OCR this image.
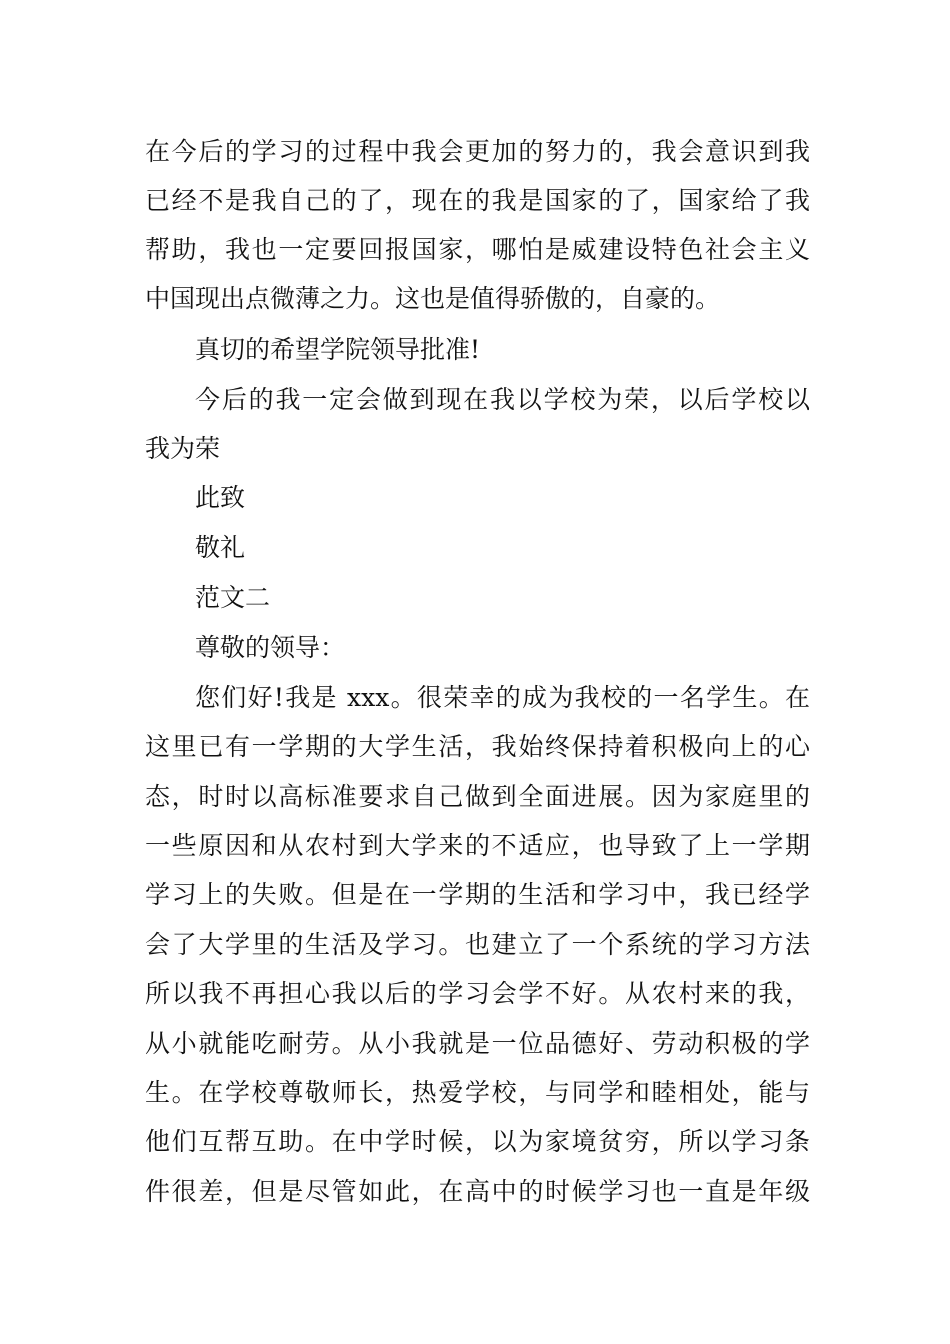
在今后的学习的过程中我会更加的努力的，我会意识到我

已经不是我自己的了，现在的我是国家的了，国家给了我

帮助，我也一定要回报国家，哪怕是威建设特色社会主义

中国现出点微薄之力。这也是值得骄傲的，自豪的。

真切的希望学院领导批准!

今后的我一定会做到现在我以学校为荣，以后学校以

我为荣

此致

敬礼

范文二

尊敬的领导：

您们好!我是 xxx。很荣幸的成为我校的一名学生。在

这里已有一学期的大学生活，我始终保持着积极向上的心

态，时时以高标准要求自己做到全面进展。因为家庭里的

一些原因和从农村到大学来的不适应，也导致了上一学期

学习上的失败。但是在一学期的生活和学习中，我已经学

会了大学里的生活及学习。也建立了一个系统的学习方法

所以我不再担心我以后的学习会学不好。从农村来的我，

从小就能吃耐劳。从小我就是一位品德好、劳动积极的学

生。在学校尊敬师长，热爱学校，与同学和睦相处，能与

他们互帮互助。在中学时候，以为家境贫穷，所以学习条

件很差，但是尽管如此，在高中的时候学习也一直是年级
